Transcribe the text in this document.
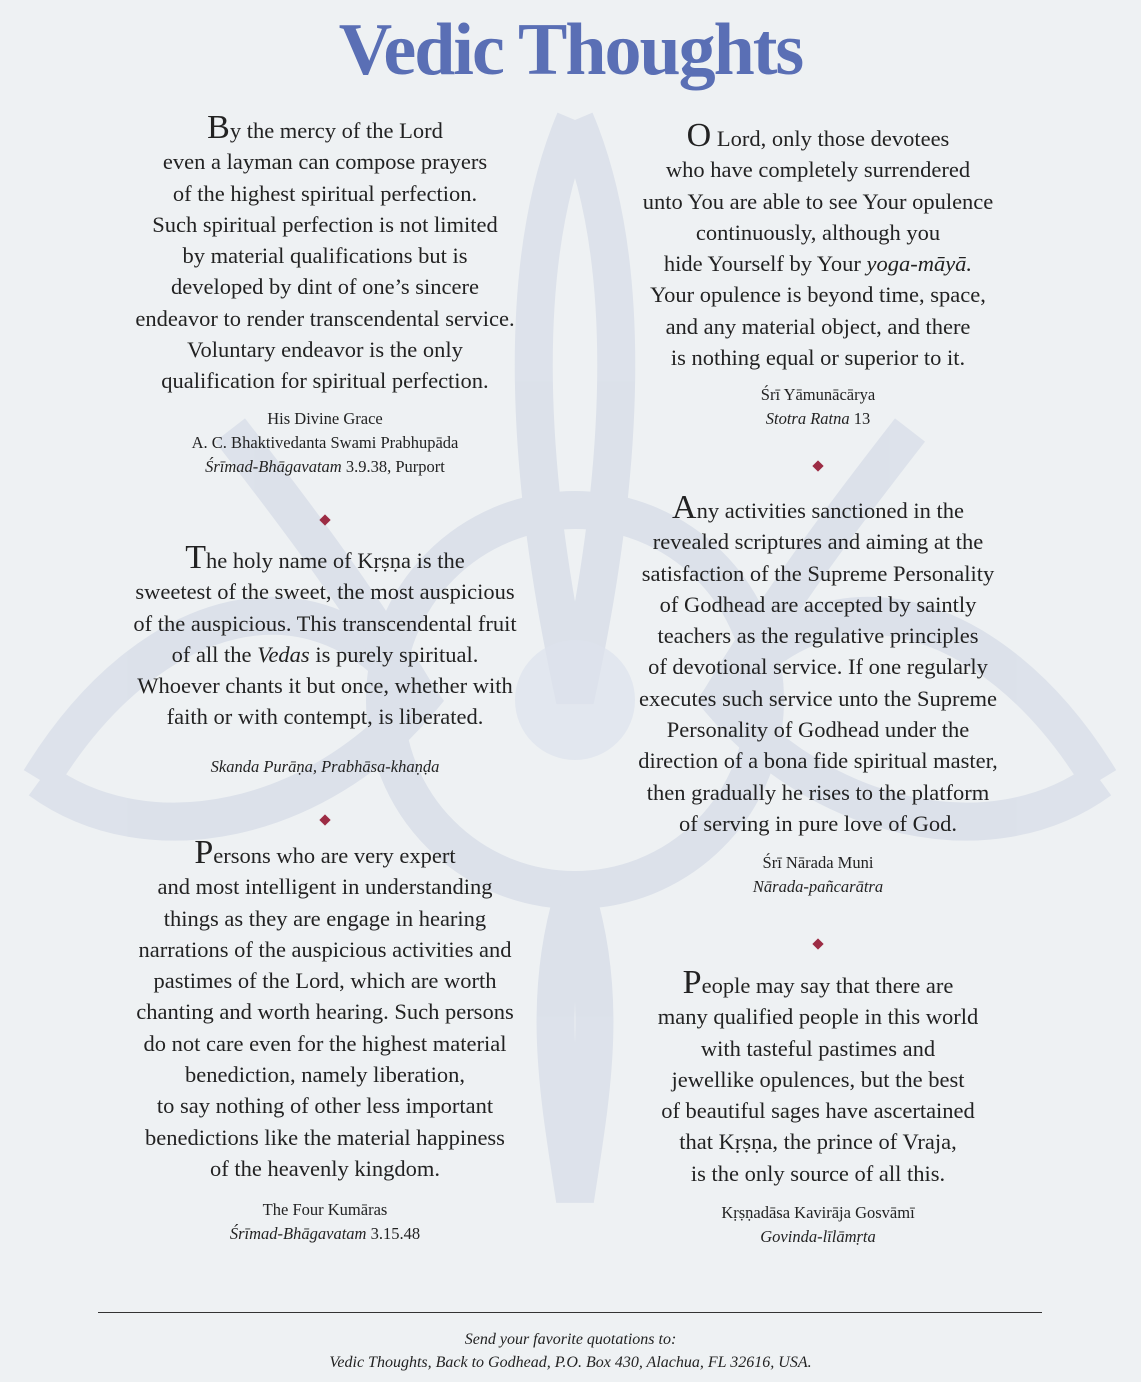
Vedic Thoughts

By the mercy of the Lord
even a layman can compose prayers
of the highest spiritual perfection.
Such spiritual perfection is not limited
by material qualifications but is
developed by dint of one’s sincere
endeavor to render transcendental service.
Voluntary endeavor is the only
qualification for spiritual perfection.

His Divine Grace
A. C. Bhaktivedanta Swami Prabhupāda
Śrīmad-Bhāgavatam 3.9.38, Purport

The holy name of Kṛṣṇa is the
sweetest of the sweet, the most auspicious
of the auspicious. This transcendental fruit
of all the Vedas is purely spiritual.
Whoever chants it but once, whether with
faith or with contempt, is liberated.

Skanda Purāṇa, Prabhāsa-khaṇḍa

Persons who are very expert
and most intelligent in understanding
things as they are engage in hearing
narrations of the auspicious activities and
pastimes of the Lord, which are worth
chanting and worth hearing. Such persons
do not care even for the highest material
benediction, namely liberation,
to say nothing of other less important
benedictions like the material happiness
of the heavenly kingdom.

The Four Kumāras
Śrīmad-Bhāgavatam 3.15.48

O Lord, only those devotees
who have completely surrendered
unto You are able to see Your opulence
continuously, although you
hide Yourself by Your yoga-māyā.
Your opulence is beyond time, space,
and any material object, and there
is nothing equal or superior to it.

Śrī Yāmunācārya
Stotra Ratna 13

Any activities sanctioned in the
revealed scriptures and aiming at the
satisfaction of the Supreme Personality
of Godhead are accepted by saintly
teachers as the regulative principles
of devotional service. If one regularly
executes such service unto the Supreme
Personality of Godhead under the
direction of a bona fide spiritual master,
then gradually he rises to the platform
of serving in pure love of God.

Śrī Nārada Muni
Nārada-pañcarātra

People may say that there are
many qualified people in this world
with tasteful pastimes and
jewellike opulences, but the best
of beautiful sages have ascertained
that Kṛṣṇa, the prince of Vraja,
is the only source of all this.

Kṛṣṇadāsa Kavirāja Gosvāmī
Govinda-līlāmṛta
Send your favorite quotations to:
Vedic Thoughts, Back to Godhead, P.O. Box 430, Alachua, FL 32616, USA.
